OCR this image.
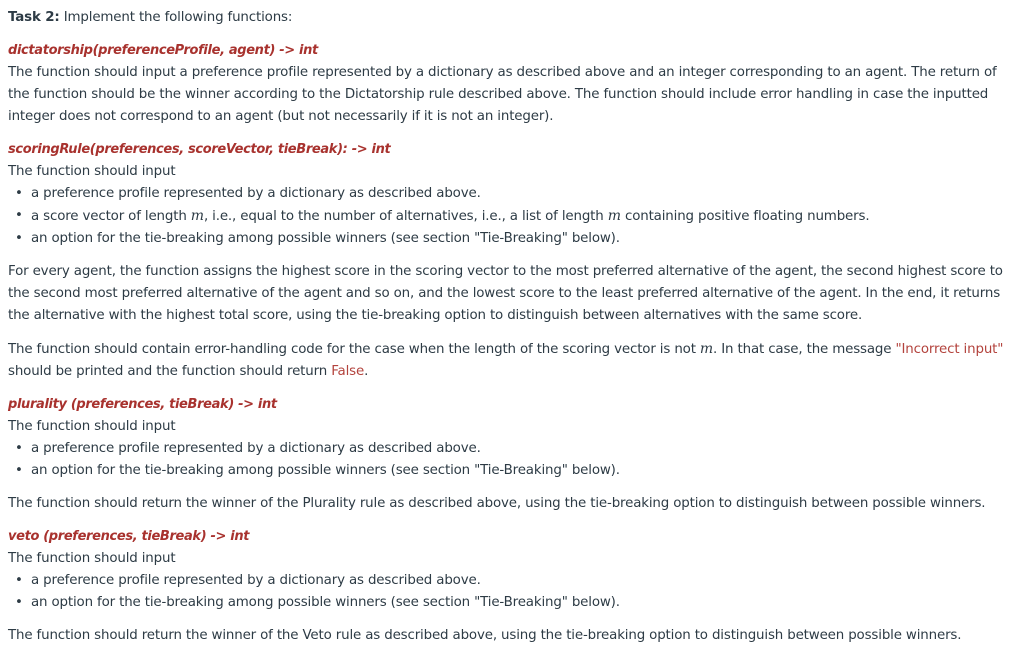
Task 2: Implement the following functions:

dictatorship(preferenceProfile, agent) -> int

The function should input a preference profile represented by a dictionary as described above and an integer corresponding to an agent. The return of the function should be the winner according to the Dictatorship rule described above. The function should include error handling in case the inputted integer does not correspond to an agent (but not necessarily if it is not an integer).

scoringRule(preferences, scoreVector, tieBreak): -> int

The function should input

• a preference profile represented by a dictionary as described above.
• a score vector of length m, i.e., equal to the number of alternatives, i.e., a list of length m containing positive floating numbers.
• an option for the tie-breaking among possible winners (see section "Tie-Breaking" below).

For every agent, the function assigns the highest score in the scoring vector to the most preferred alternative of the agent, the second highest score to the second most preferred alternative of the agent and so on, and the lowest score to the least preferred alternative of the agent. In the end, it returns the alternative with the highest total score, using the tie-breaking option to distinguish between alternatives with the same score.

The function should contain error-handling code for the case when the length of the scoring vector is not m. In that case, the message "Incorrect input" should be printed and the function should return False.

plurality (preferences, tieBreak) -> int

The function should input

• a preference profile represented by a dictionary as described above.
• an option for the tie-breaking among possible winners (see section "Tie-Breaking" below).

The function should return the winner of the Plurality rule as described above, using the tie-breaking option to distinguish between possible winners.

veto (preferences, tieBreak) -> int

The function should input

• a preference profile represented by a dictionary as described above.
• an option for the tie-breaking among possible winners (see section "Tie-Breaking" below).

The function should return the winner of the Veto rule as described above, using the tie-breaking option to distinguish between possible winners.
